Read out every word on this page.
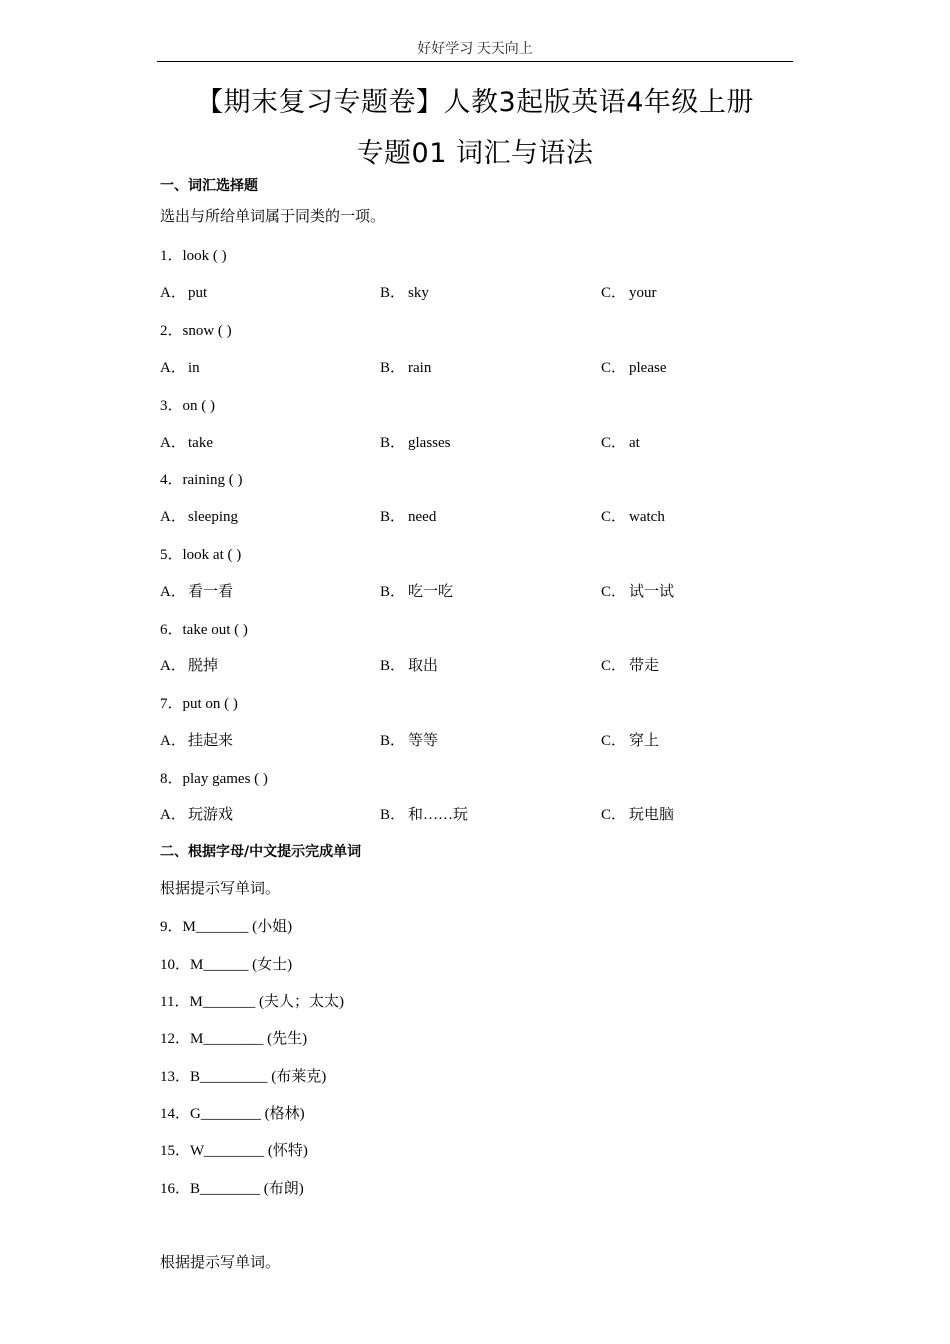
好好学习 天天向上
【期末复习专题卷】人教3起版英语4年级上册
专题01 词汇与语法
一、词汇选择题
选出与所给单词属于同类的一项。
1．look ( )
A． put	B． sky	C． your
2．snow ( )
A． in	B． rain	C． please
3．on ( )
A． take	B． glasses	C． at
4．raining ( )
A． sleeping	B． need	C． watch
5．look at ( )
A． 看一看	B． 吃一吃	C． 试一试
6．take out ( )
A． 脱掉	B． 取出	C． 带走
7．put on ( )
A． 挂起来	B． 等等	C． 穿上
8．play games ( )
A． 玩游戏	B． 和……玩	C． 玩电脑
二、根据字母/中文提示完成单词
根据提示写单词。
9．M_______ (小姐)
10．M______ (女士)
11．M_______ (夫人；太太)
12．M________ (先生)
13．B_________ (布莱克)
14．G________ (格林)
15．W________ (怀特)
16．B________ (布朗)
根据提示写单词。
